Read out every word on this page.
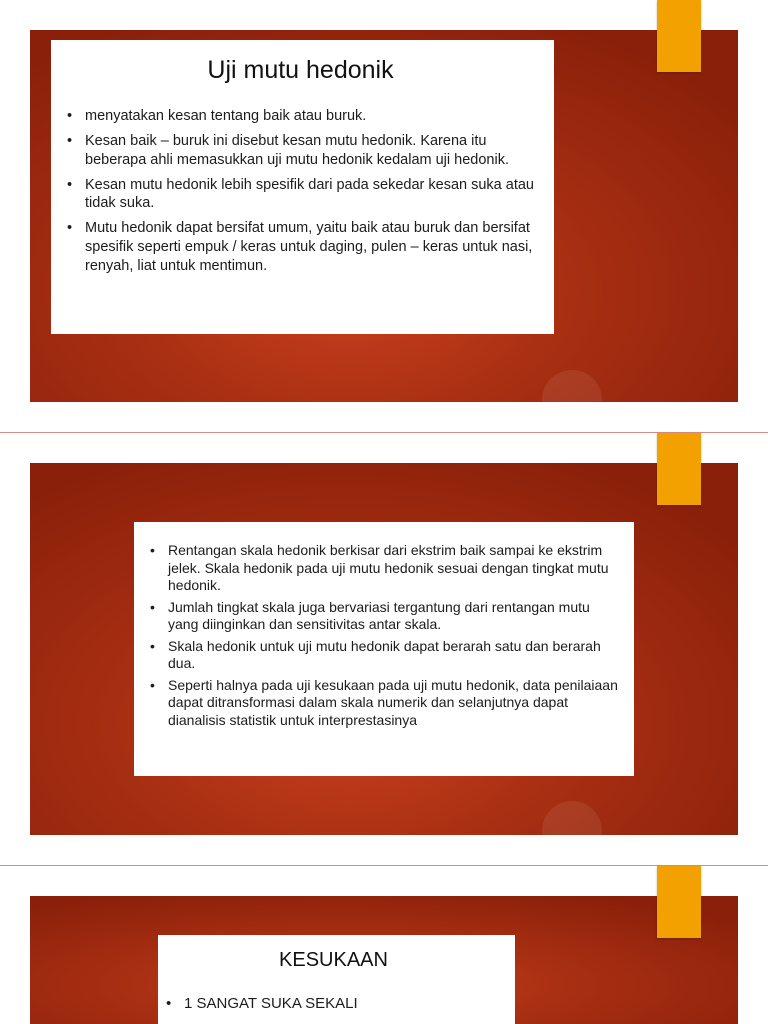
Uji mutu hedonik
• menyatakan kesan tentang baik atau buruk.
• Kesan baik – buruk ini disebut kesan mutu hedonik. Karena itu beberapa ahli memasukkan uji mutu hedonik kedalam uji hedonik.
• Kesan mutu hedonik lebih spesifik dari pada sekedar kesan suka atau tidak suka.
• Mutu hedonik dapat bersifat umum, yaitu baik atau buruk dan bersifat spesifik seperti empuk / keras untuk daging, pulen – keras untuk nasi, renyah, liat untuk mentimun.
• Rentangan skala hedonik berkisar dari ekstrim baik sampai ke ekstrim jelek. Skala hedonik pada uji mutu hedonik sesuai dengan tingkat mutu hedonik.
• Jumlah tingkat skala juga bervariasi tergantung dari rentangan mutu yang diinginkan dan sensitivitas antar skala.
• Skala hedonik untuk uji mutu hedonik dapat berarah satu dan berarah dua.
• Seperti halnya pada uji kesukaan pada uji mutu hedonik, data penilaiaan dapat ditransformasi dalam skala numerik dan selanjutnya dapat dianalisis statistik untuk interprestasinya
KESUKAAN
• 1 SANGAT SUKA SEKALI
